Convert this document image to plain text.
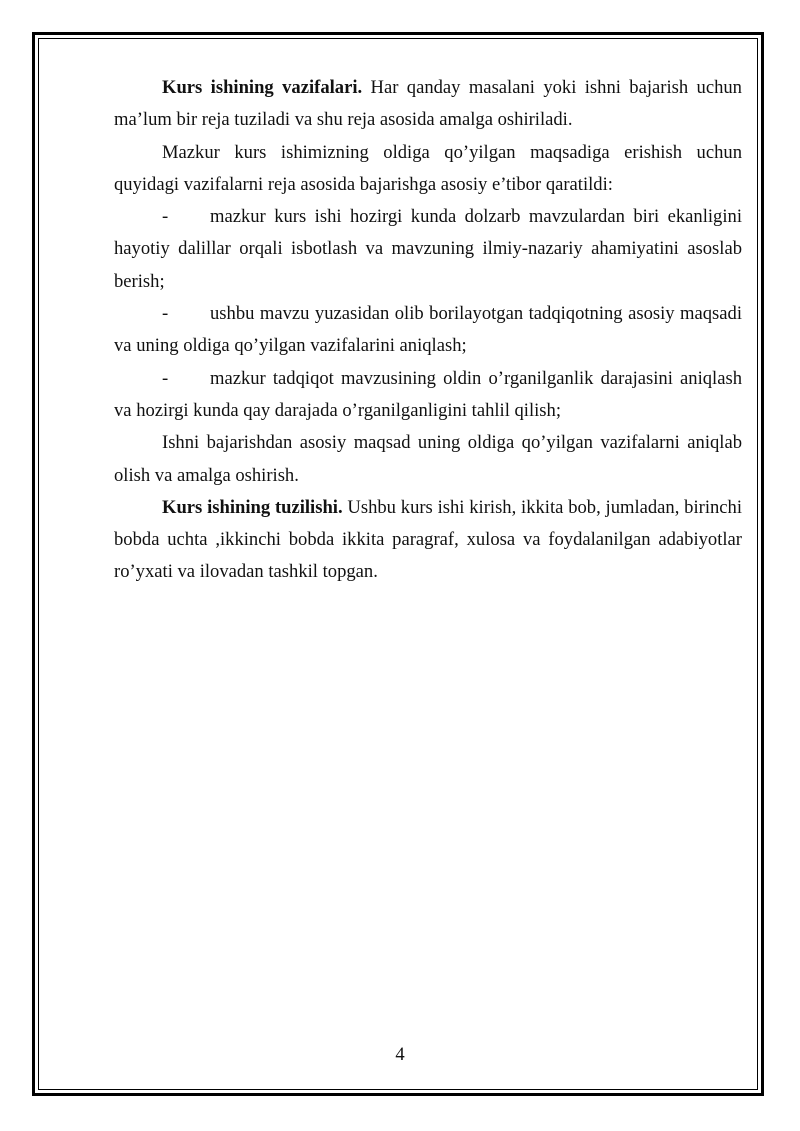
Kurs ishining vazifalari. Har qanday masalani yoki ishni bajarish uchun ma’lum bir reja tuziladi va shu reja asosida amalga oshiriladi.

Mazkur kurs ishimizning oldiga qo’yilgan maqsadiga erishish uchun quyidagi vazifalarni reja asosida bajarishga asosiy e’tibor qaratildi:

- mazkur kurs ishi hozirgi kunda dolzarb mavzulardan biri ekanligini hayotiy dalillar orqali isbotlash va mavzuning ilmiy-nazariy ahamiyatini asoslab berish;

- ushbu mavzu yuzasidan olib borilayotgan tadqiqotning asosiy maqsadi va uning oldiga qo’yilgan vazifalarini aniqlash;

- mazkur tadqiqot mavzusining oldin o’rganilganlik darajasini aniqlash va hozirgi kunda qay darajada o’rganilganligini tahlil qilish;

Ishni bajarishdan asosiy maqsad uning oldiga qo’yilgan vazifalarni aniqlab olish va amalga oshirish.

Kurs ishining tuzilishi. Ushbu kurs ishi kirish, ikkita bob, jumladan, birinchi bobda uchta ,ikkinchi bobda ikkita paragraf, xulosa va foydalanilgan adabiyotlar ro’yxati va ilovadan tashkil topgan.

4
